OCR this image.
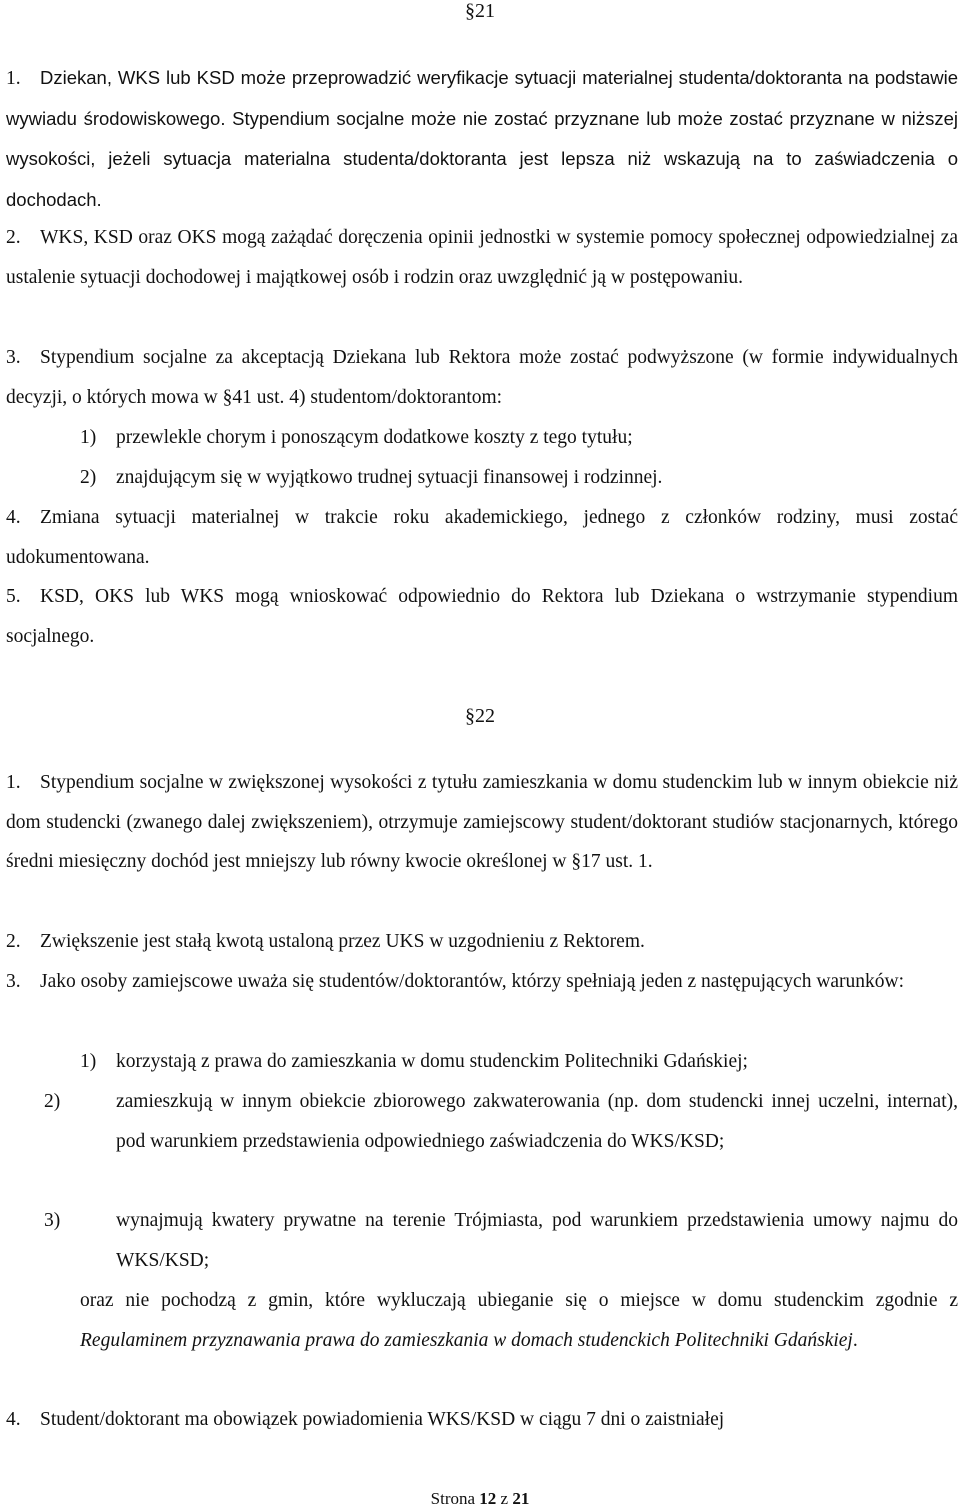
§21
1. Dziekan, WKS lub KSD może przeprowadzić weryfikacje sytuacji materialnej studenta/doktoranta na podstawie wywiadu środowiskowego. Stypendium socjalne może nie zostać przyznane lub może zostać przyznane w niższej wysokości, jeżeli sytuacja materialna studenta/doktoranta jest lepsza niż wskazują na to zaświadczenia o dochodach.
2. WKS, KSD oraz OKS mogą zażądać doręczenia opinii jednostki w systemie pomocy społecznej odpowiedzialnej za ustalenie sytuacji dochodowej i majątkowej osób i rodzin oraz uwzględnić ją w postępowaniu.
3. Stypendium socjalne za akceptacją Dziekana lub Rektora może zostać podwyższone (w formie indywidualnych decyzji, o których mowa w §41 ust. 4) studentom/doktorantom:
1) przewlekle chorym i ponoszącym dodatkowe koszty z tego tytułu;
2) znajdującym się w wyjątkowo trudnej sytuacji finansowej i rodzinnej.
4. Zmiana sytuacji materialnej w trakcie roku akademickiego, jednego z członków rodziny, musi zostać udokumentowana.
5. KSD, OKS lub WKS mogą wnioskować odpowiednio do Rektora lub Dziekana o wstrzymanie stypendium socjalnego.
§22
1. Stypendium socjalne w zwiększonej wysokości z tytułu zamieszkania w domu studenckim lub w innym obiekcie niż dom studencki (zwanego dalej zwiększeniem), otrzymuje zamiejscowy student/doktorant studiów stacjonarnych, którego średni miesięczny dochód jest mniejszy lub równy kwocie określonej w §17 ust. 1.
2. Zwiększenie jest stałą kwotą ustaloną przez UKS w uzgodnieniu z Rektorem.
3. Jako osoby zamiejscowe uważa się studentów/doktorantów, którzy spełniają jeden z następujących warunków:
1) korzystają z prawa do zamieszkania w domu studenckim Politechniki Gdańskiej;
2)	zamieszkują w innym obiekcie zbiorowego zakwaterowania (np. dom studencki innej uczelni, internat), pod warunkiem przedstawienia odpowiedniego zaświadczenia do WKS/KSD;
3)	wynajmują kwatery prywatne na terenie Trójmiasta, pod warunkiem przedstawienia umowy najmu do WKS/KSD;
oraz nie pochodzą z gmin, które wykluczają ubieganie się o miejsce w domu studenckim zgodnie z Regulaminem przyznawania prawa do zamieszkania w domach studenckich Politechniki Gdańskiej.
4. Student/doktorant ma obowiązek powiadomienia WKS/KSD w ciągu 7 dni o zaistniałej
Strona 12 z 21
